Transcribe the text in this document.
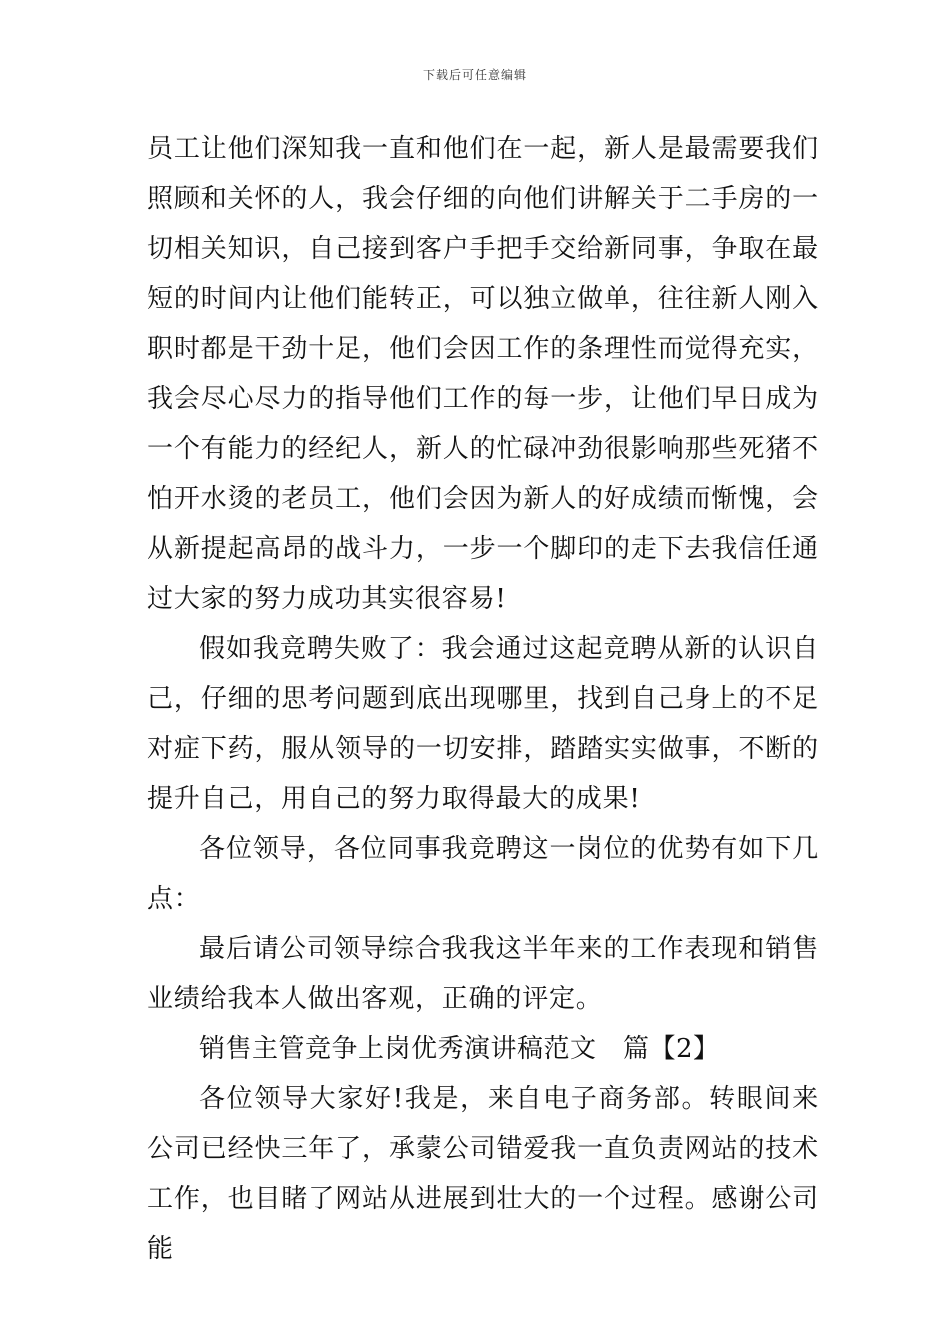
下载后可任意编辑

员工让他们深知我一直和他们在一起，新人是最需要我们照顾和关怀的人，我会仔细的向他们讲解关于二手房的一切相关知识，自己接到客户手把手交给新同事，争取在最短的时间内让他们能转正，可以独立做单，往往新人刚入职时都是干劲十足，他们会因工作的条理性而觉得充实，我会尽心尽力的指导他们工作的每一步，让他们早日成为一个有能力的经纪人，新人的忙碌冲劲很影响那些死猪不怕开水烫的老员工，他们会因为新人的好成绩而惭愧，会从新提起高昂的战斗力，一步一个脚印的走下去我信任通过大家的努力成功其实很容易!

假如我竞聘失败了：我会通过这起竞聘从新的认识自己，仔细的思考问题到底出现哪里，找到自己身上的不足对症下药，服从领导的一切安排，踏踏实实做事，不断的提升自己，用自己的努力取得最大的成果!

各位领导，各位同事我竞聘这一岗位的优势有如下几点：

最后请公司领导综合我我这半年来的工作表现和销售业绩给我本人做出客观，正确的评定。

销售主管竞争上岗优秀演讲稿范文　篇【2】

各位领导大家好!我是，来自电子商务部。转眼间来公司已经快三年了，承蒙公司错爱我一直负责网站的技术工作，也目睹了网站从进展到壮大的一个过程。感谢公司能
